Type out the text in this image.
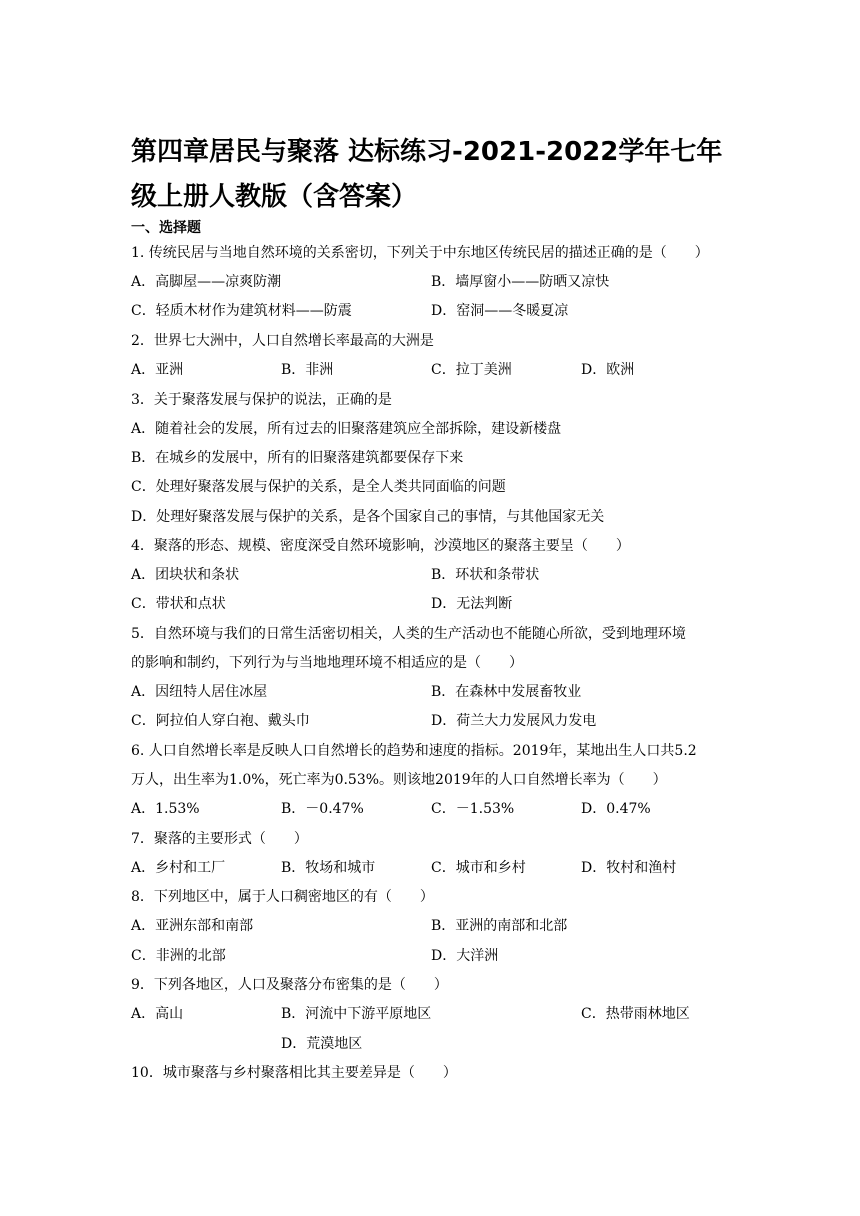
第四章居民与聚落 达标练习-2021-2022学年七年级上册人教版（含答案）
一、选择题
1. 传统民居与当地自然环境的关系密切，下列关于中东地区传统民居的描述正确的是（　　）
A．高脚屋——凉爽防潮	B．墙厚窗小——防晒又凉快
C．轻质木材作为建筑材料——防震	D．窑洞——冬暖夏凉
2．世界七大洲中，人口自然增长率最高的大洲是
A．亚洲	B．非洲	C．拉丁美洲	D．欧洲
3．关于聚落发展与保护的说法，正确的是
A．随着社会的发展，所有过去的旧聚落建筑应全部拆除，建设新楼盘
B．在城乡的发展中，所有的旧聚落建筑都要保存下来
C．处理好聚落发展与保护的关系，是全人类共同面临的问题
D．处理好聚落发展与保护的关系，是各个国家自己的事情，与其他国家无关
4．聚落的形态、规模、密度深受自然环境影响，沙漠地区的聚落主要呈（　　）
A．团块状和条状	B．环状和条带状
C．带状和点状	D．无法判断
5．自然环境与我们的日常生活密切相关，人类的生产活动也不能随心所欲，受到地理环境
的影响和制约，下列行为与当地地理环境不相适应的是（　　）
A．因纽特人居住冰屋	B．在森林中发展畜牧业
C．阿拉伯人穿白袍、戴头巾	D．荷兰大力发展风力发电
6. 人口自然增长率是反映人口自然增长的趋势和速度的指标。2019年，某地出生人口共5.2
万人，出生率为1.0%，死亡率为0.53%。则该地2019年的人口自然增长率为（　　）
A．1.53%	B．－0.47%	C．－1.53%	D．0.47%
7．聚落的主要形式（　　）
A．乡村和工厂	B．牧场和城市	C．城市和乡村	D．牧村和渔村
8．下列地区中，属于人口稠密地区的有（　　）
A．亚洲东部和南部	B．亚洲的南部和北部
C．非洲的北部	D．大洋洲
9．下列各地区，人口及聚落分布密集的是（　　）
A．高山	B．河流中下游平原地区	C．热带雨林地区
D．荒漠地区
10．城市聚落与乡村聚落相比其主要差异是（　　）
